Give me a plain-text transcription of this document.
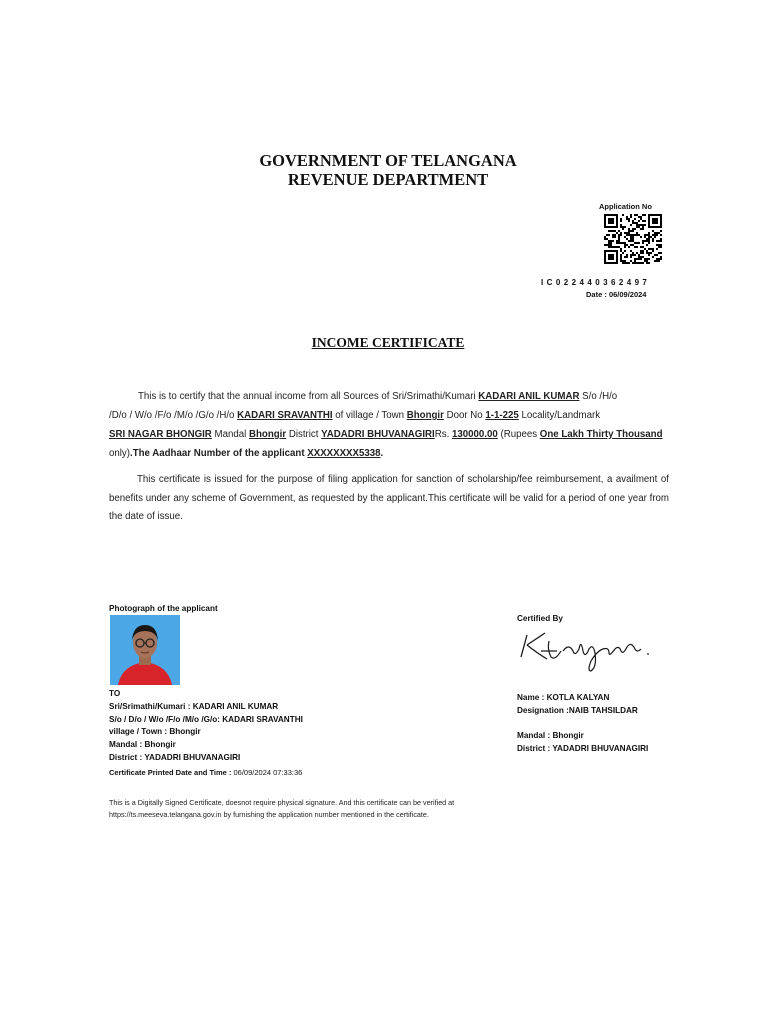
GOVERNMENT OF TELANGANA
REVENUE DEPARTMENT
Application No
I C 0 2 2 4 4 0 3 6 2 4 9 7
Date : 06/09/2024
INCOME CERTIFICATE
This is to certify that the annual income from all Sources of Sri/Srimathi/Kumari KADARI ANIL KUMAR S/o /H/o
/D/o / W/o /F/o /M/o /G/o /H/o KADARI SRAVANTHI of village / Town Bhongir Door No 1-1-225 Locality/Landmark
SRI NAGAR BHONGIR Mandal Bhongir District YADADRI BHUVANAGIRIRs. 130000.00 (Rupees One Lakh Thirty Thousand
only).The Aadhaar Number of the applicant XXXXXXXX5338.
This certificate is issued for the purpose of filing application for sanction of scholarship/fee reimbursement, a availment of benefits under any scheme of Government, as requested by the applicant.This certificate will be valid for a period of one year from the date of issue.
Photograph of the applicant
TO
Sri/Srimathi/Kumari : KADARI ANIL KUMAR
S/o / D/o / W/o /F/o /M/o /G/o: KADARI SRAVANTHI
village / Town : Bhongir
Mandal : Bhongir
District : YADADRI BHUVANAGIRI
Certificate Printed Date and Time : 06/09/2024 07:33:36
Certified By
Name : KOTLA KALYAN
Designation :NAIB TAHSILDAR
Mandal : Bhongir
District : YADADRI BHUVANAGIRI
This is a Digitally Signed Certificate, doesnot require physical signature. And this certificate can be verified at
https://ts.meeseva.telangana.gov.in by furnishing the application number mentioned in the certificate.
